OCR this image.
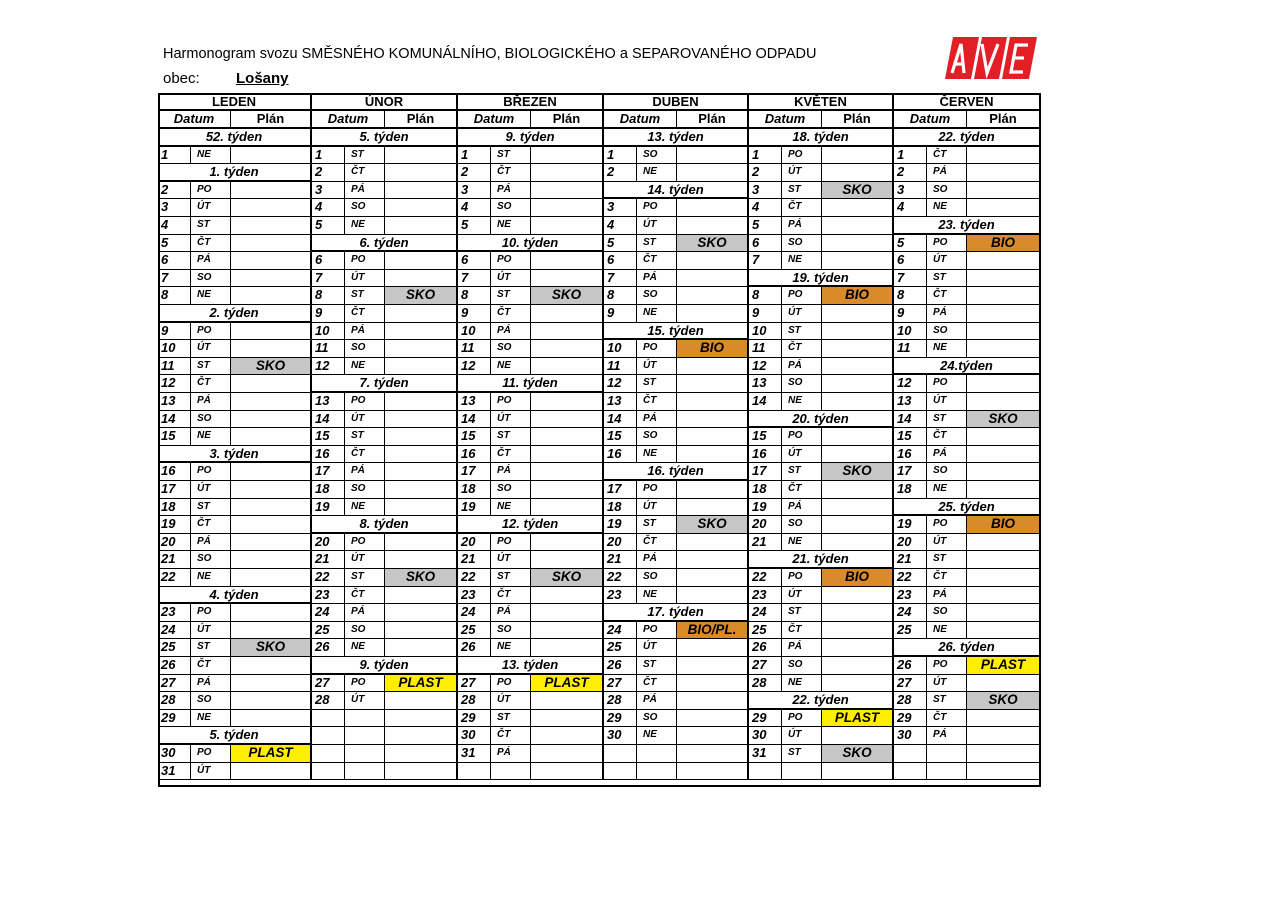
Harmonogram svozu SMĚSNÉHO KOMUNÁLNÍHO, BIOLOGICKÉHO a SEPAROVANÉHO ODPADU
obec: Lošany
LEDEN
Datum	Plán
52. týden
1	NE
1. týden
2	PO
3	ÚT
4	ST
5	ČT
6	PÁ
7	SO
8	NE
2. týden
9	PO
10	ÚT
11	ST	SKO
12	ČT
13	PÁ
14	SO
15	NE
3. týden
16	PO
17	ÚT
18	ST
19	ČT
20	PÁ
21	SO
22	NE
4. týden
23	PO
24	ÚT
25	ST	SKO
26	ČT
27	PÁ
28	SO
29	NE
5. týden
30	PO	PLAST
31	ÚT
ÚNOR
Datum	Plán
5. týden
1	ST
2	ČT
3	PÁ
4	SO
5	NE
6. týden
6	PO
7	ÚT
8	ST	SKO
9	ČT
10	PÁ
11	SO
12	NE
7. týden
13	PO
14	ÚT
15	ST
16	ČT
17	PÁ
18	SO
19	NE
8. týden
20	PO
21	ÚT
22	ST	SKO
23	ČT
24	PÁ
25	SO
26	NE
9. týden
27	PO	PLAST
28	ÚT
BŘEZEN
Datum	Plán
9. týden
1	ST
2	ČT
3	PÁ
4	SO
5	NE
10. týden
6	PO
7	ÚT
8	ST	SKO
9	ČT
10	PÁ
11	SO
12	NE
11. týden
13	PO
14	ÚT
15	ST
16	ČT
17	PÁ
18	SO
19	NE
12. týden
20	PO
21	ÚT
22	ST	SKO
23	ČT
24	PÁ
25	SO
26	NE
13. týden
27	PO	PLAST
28	ÚT
29	ST
30	ČT
31	PÁ
DUBEN
Datum	Plán
13. týden
1	SO
2	NE
14. týden
3	PO
4	ÚT
5	ST	SKO
6	ČT
7	PÁ
8	SO
9	NE
15. týden
10	PO	BIO
11	ÚT
12	ST
13	ČT
14	PÁ
15	SO
16	NE
16. týden
17	PO
18	ÚT
19	ST	SKO
20	ČT
21	PÁ
22	SO
23	NE
17. týden
24	PO	BIO/PL.
25	ÚT
26	ST
27	ČT
28	PÁ
29	SO
30	NE
KVĚTEN
Datum	Plán
18. týden
1	PO
2	ÚT
3	ST	SKO
4	ČT
5	PÁ
6	SO
7	NE
19. týden
8	PO	BIO
9	ÚT
10	ST
11	ČT
12	PÁ
13	SO
14	NE
20. týden
15	PO
16	ÚT
17	ST	SKO
18	ČT
19	PÁ
20	SO
21	NE
21. týden
22	PO	BIO
23	ÚT
24	ST
25	ČT
26	PÁ
27	SO
28	NE
22. týden
29	PO	PLAST
30	ÚT
31	ST	SKO
ČERVEN
Datum	Plán
22. týden
1	ČT
2	PÁ
3	SO
4	NE
23. týden
5	PO	BIO
6	ÚT
7	ST
8	ČT
9	PÁ
10	SO
11	NE
24.týden
12	PO
13	ÚT
14	ST	SKO
15	ČT
16	PÁ
17	SO
18	NE
25. týden
19	PO	BIO
20	ÚT
21	ST
22	ČT
23	PÁ
24	SO
25	NE
26. týden
26	PO	PLAST
27	ÚT
28	ST	SKO
29	ČT
30	PÁ
